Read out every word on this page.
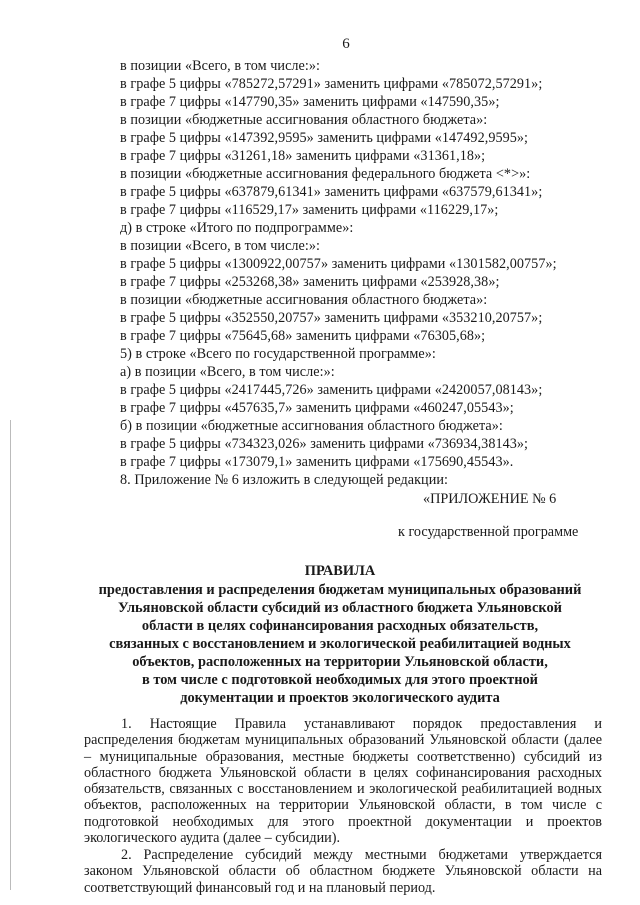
6
в позиции «Всего, в том числе:»:
в графе 5 цифры «785272,57291» заменить цифрами «785072,57291»;
в графе 7 цифры «147790,35» заменить цифрами «147590,35»;
в позиции «бюджетные ассигнования областного бюджета»:
в графе 5 цифры «147392,9595» заменить цифрами «147492,9595»;
в графе 7 цифры «31261,18» заменить цифрами «31361,18»;
в позиции «бюджетные ассигнования федерального бюджета <*>»:
в графе 5 цифры «637879,61341» заменить цифрами «637579,61341»;
в графе 7 цифры «116529,17» заменить цифрами «116229,17»;
д) в строке «Итого по подпрограмме»:
в позиции «Всего, в том числе:»:
в графе 5 цифры «1300922,00757» заменить цифрами «1301582,00757»;
в графе 7 цифры «253268,38» заменить цифрами «253928,38»;
в позиции «бюджетные ассигнования областного бюджета»:
в графе 5 цифры «352550,20757» заменить цифрами «353210,20757»;
в графе 7 цифры «75645,68» заменить цифрами «76305,68»;
5) в строке «Всего по государственной программе»:
а) в позиции «Всего, в том числе:»:
в графе 5 цифры «2417445,726» заменить цифрами «2420057,08143»;
в графе 7 цифры «457635,7» заменить цифрами «460247,05543»;
б) в позиции «бюджетные ассигнования областного бюджета»:
в графе 5 цифры «734323,026» заменить цифрами «736934,38143»;
в графе 7 цифры «173079,1» заменить цифрами «175690,45543».
8. Приложение № 6 изложить в следующей редакции:
«ПРИЛОЖЕНИЕ № 6
к государственной программе
ПРАВИЛА
предоставления и распределения бюджетам муниципальных образований
Ульяновской области субсидий из областного бюджета Ульяновской
области в целях софинансирования расходных обязательств,
связанных с восстановлением и экологической реабилитацией водных
объектов, расположенных на территории Ульяновской области,
в том числе с подготовкой необходимых для этого проектной
документации и проектов экологического аудита
1. Настоящие Правила устанавливают порядок предоставления и распределения бюджетам муниципальных образований Ульяновской области (далее – муниципальные образования, местные бюджеты соответственно) субсидий из областного бюджета Ульяновской области в целях софинансирования расходных обязательств, связанных с восстановлением и экологической реабилитацией водных объектов, расположенных на территории Ульяновской области, в том числе с подготовкой необходимых для этого проектной документации и проектов экологического аудита (далее – субсидии).
2. Распределение субсидий между местными бюджетами утверждается законом Ульяновской области об областном бюджете Ульяновской области на соответствующий финансовый год и на плановый период.
